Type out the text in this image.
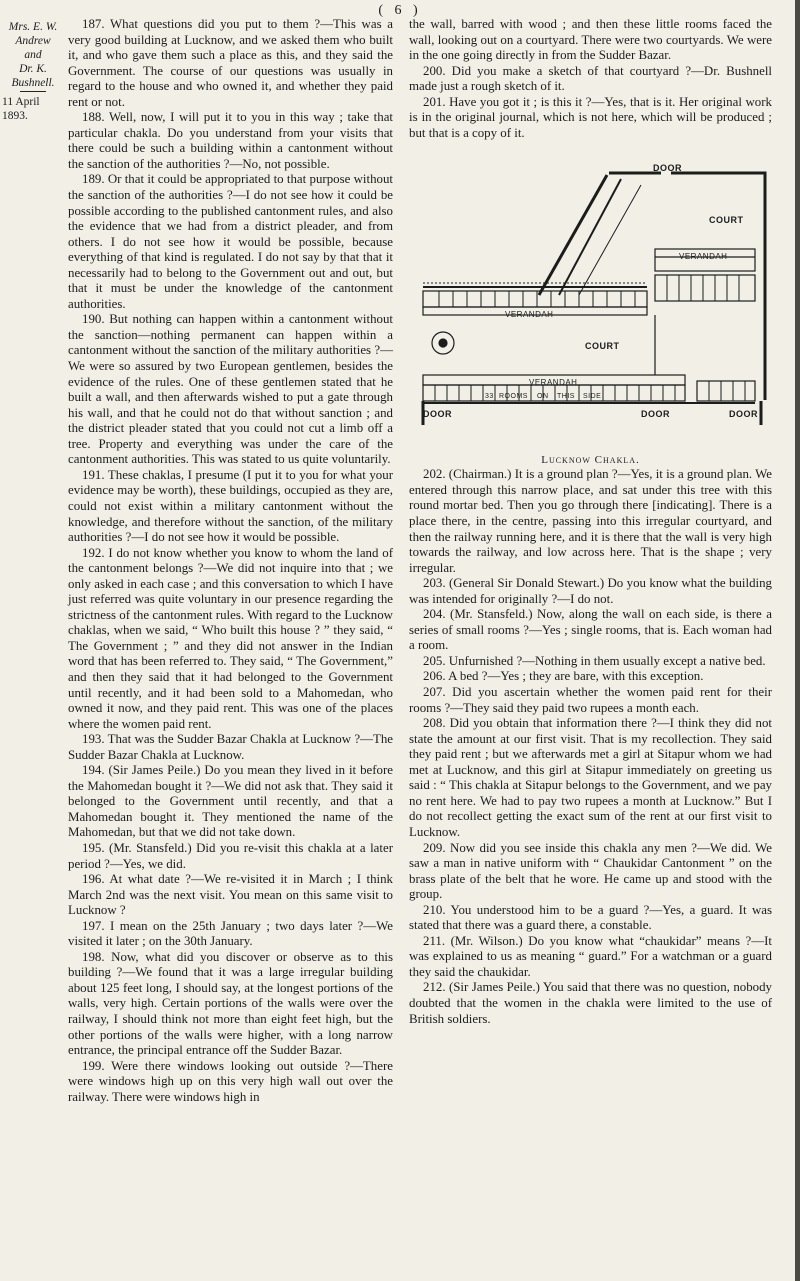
( 6 )
Mrs. E. W. Andrew
and
Dr. K. Bushnell.
11 April 1893.

187. What questions did you put to them ?—This was a very good building at Lucknow, and we asked them who built it, and who gave them such a place as this, and they said the Government. The course of our questions was usually in regard to the house and who owned it, and whether they paid rent or not.

188. Well, now, I will put it to you in this way ; take that particular chakla. Do you understand from your visits that there could be such a building within a cantonment without the sanction of the authorities ?—No, not possible.

189. Or that it could be appropriated to that purpose without the sanction of the authorities ?—I do not see how it could be possible according to the published cantonment rules, and also the evidence that we had from a district pleader, and from others. I do not see how it would be possible, because everything of that kind is regulated. I do not say by that that it necessarily had to belong to the Government out and out, but that it must be under the knowledge of the cantonment authorities.

190. But nothing can happen within a cantonment without the sanction—nothing permanent can happen within a cantonment without the sanction of the military authorities ?—We were so assured by two European gentlemen, besides the evidence of the rules. One of these gentlemen stated that he built a wall, and then afterwards wished to put a gate through his wall, and that he could not do that without sanction ; and the district pleader stated that you could not cut a limb off a tree. Property and everything was under the care of the cantonment authorities. This was stated to us quite voluntarily.

191. These chaklas, I presume (I put it to you for what your evidence may be worth), these buildings, occupied as they are, could not exist within a military cantonment without the knowledge, and therefore without the sanction, of the military authorities ?—I do not see how it would be possible.

192. I do not know whether you know to whom the land of the cantonment belongs ?—We did not inquire into that ; we only asked in each case ; and this conversation to which I have just referred was quite voluntary in our presence regarding the strictness of the cantonment rules. With regard to the Lucknow chaklas, when we said, “ Who built this house ? ” they said, “ The Government ; ” and they did not answer in the Indian word that has been referred to. They said, “ The Government,” and then they said that it had belonged to the Government until recently, and it had been sold to a Mahomedan, who owned it now, and they paid rent. This was one of the places where the women paid rent.

193. That was the Sudder Bazar Chakla at Lucknow ?—The Sudder Bazar Chakla at Lucknow.

194. (Sir James Peile.) Do you mean they lived in it before the Mahomedan bought it ?—We did not ask that. They said it belonged to the Government until recently, and that a Mahomedan bought it. They mentioned the name of the Mahomedan, but that we did not take down.

195. (Mr. Stansfeld.) Did you re-visit this chakla at a later period ?—Yes, we did.

196. At what date ?—We re-visited it in March ; I think March 2nd was the next visit. You mean on this same visit to Lucknow ?

197. I mean on the 25th January ; two days later ?—We visited it later ; on the 30th January.

198. Now, what did you discover or observe as to this building ?—We found that it was a large irregular building about 125 feet long, I should say, at the longest portions of the walls, very high. Certain portions of the walls were over the railway, I should think not more than eight feet high, but the other portions of the walls were higher, with a long narrow entrance, the principal entrance off the Sudder Bazar.

199. Were there windows looking out outside ?—There were windows high up on this very high wall out over the railway. There were windows high in

the wall, barred with wood ; and then these little rooms faced the wall, looking out on a courtyard. There were two courtyards. We were in the one going directly in from the Sudder Bazar.

200. Did you make a sketch of that courtyard ?—Dr. Bushnell made just a rough sketch of it.

201. Have you got it ; is this it ?—Yes, that is it. Her original work is in the original journal, which is not here, which will be produced ; but that is a copy of it.

DOOR
COURT
VERANDAH
VERANDAH
COURT
VERANDAH
33 ROOMS ON THIS SIDE
DOOR	DOOR	DOOR
Lucknow Chakla.

202. (Chairman.) It is a ground plan ?—Yes, it is a ground plan. We entered through this narrow place, and sat under this tree with this round mortar bed. Then you go through there [indicating]. There is a place there, in the centre, passing into this irregular courtyard, and then the railway running here, and it is there that the wall is very high towards the railway, and low across here. That is the shape ; very irregular.

203. (General Sir Donald Stewart.) Do you know what the building was intended for originally ?—I do not.

204. (Mr. Stansfeld.) Now, along the wall on each side, is there a series of small rooms ?—Yes ; single rooms, that is. Each woman had a room.

205. Unfurnished ?—Nothing in them usually except a native bed.

206. A bed ?—Yes ; they are bare, with this exception.

207. Did you ascertain whether the women paid rent for their rooms ?—They said they paid two rupees a month each.

208. Did you obtain that information there ?—I think they did not state the amount at our first visit. That is my recollection. They said they paid rent ; but we afterwards met a girl at Sitapur whom we had met at Lucknow, and this girl at Sitapur immediately on greeting us said : “ This chakla at Sitapur belongs to the Government, and we pay no rent here. We had to pay two rupees a month at Lucknow.” But I do not recollect getting the exact sum of the rent at our first visit to Lucknow.

209. Now did you see inside this chakla any men ?—We did. We saw a man in native uniform with “ Chaukidar Cantonment ” on the brass plate of the belt that he wore. He came up and stood with the group.

210. You understood him to be a guard ?—Yes, a guard. It was stated that there was a guard there, a constable.

211. (Mr. Wilson.) Do you know what “chaukidar” means ?—It was explained to us as meaning “ guard.” For a watchman or a guard they said the chaukidar.

212. (Sir James Peile.) You said that there was no question, nobody doubted that the women in the chakla were limited to the use of British soldiers.
